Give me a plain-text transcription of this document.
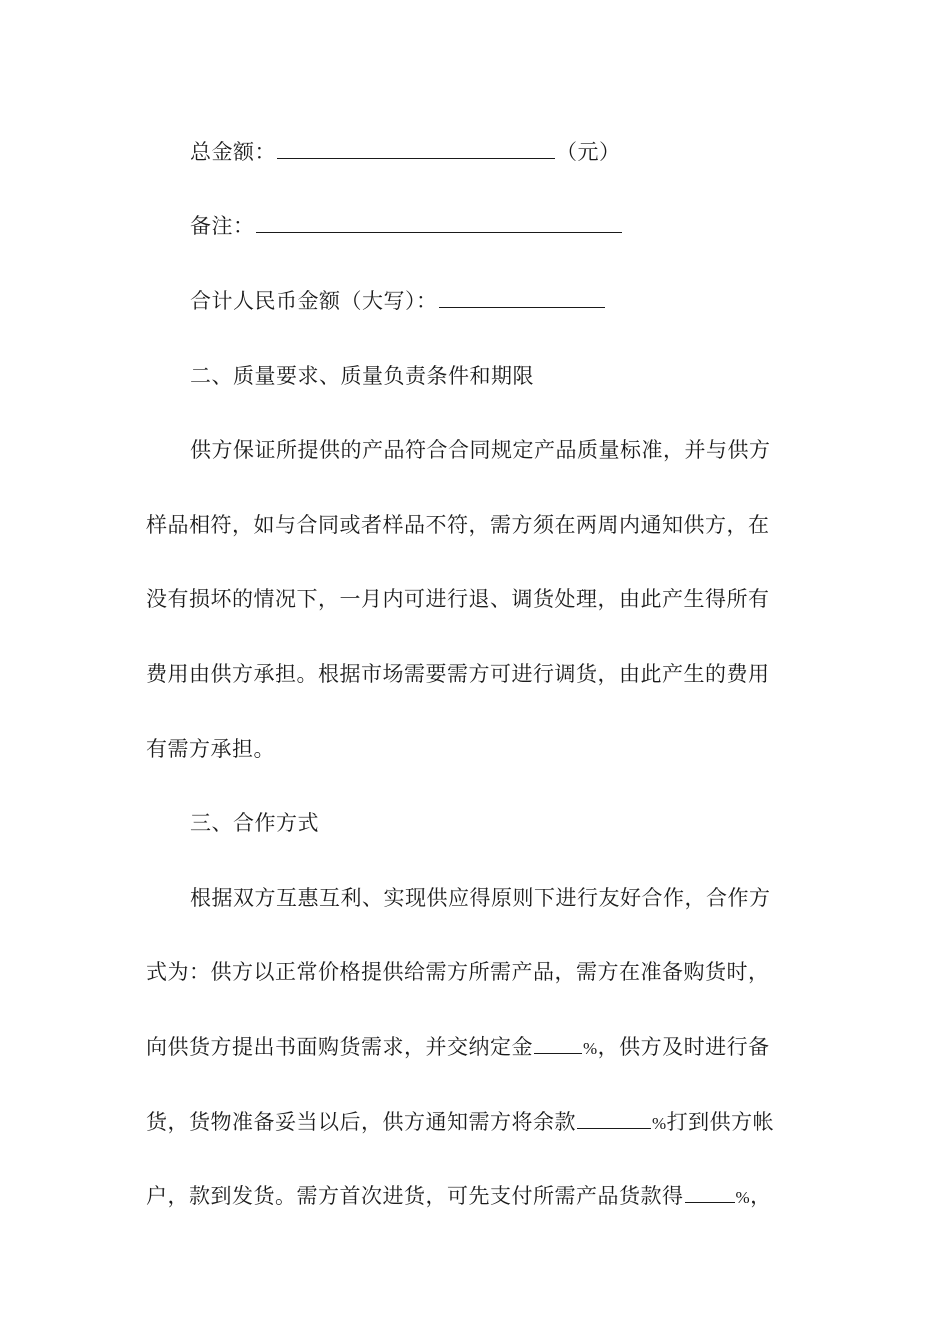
总金额：	（元）
备注：
合计人民币金额（大写）：
二、质量要求、质量负责条件和期限
供方保证所提供的产品符合合同规定产品质量标准，并与供方
样品相符，如与合同或者样品不符，需方须在两周内通知供方，在
没有损坏的情况下，一月内可进行退、调货处理，由此产生得所有
费用由供方承担。根据市场需要需方可进行调货，由此产生的费用
有需方承担。
三、合作方式
根据双方互惠互利、实现供应得原则下进行友好合作，合作方
式为：供方以正常价格提供给需方所需产品，需方在准备购货时，
向供货方提出书面购货需求，并交纳定金	%，供方及时进行备
货，货物准备妥当以后，供方通知需方将余款	%打到供方帐
户，款到发货。需方首次进货，可先支付所需产品货款得	%，
